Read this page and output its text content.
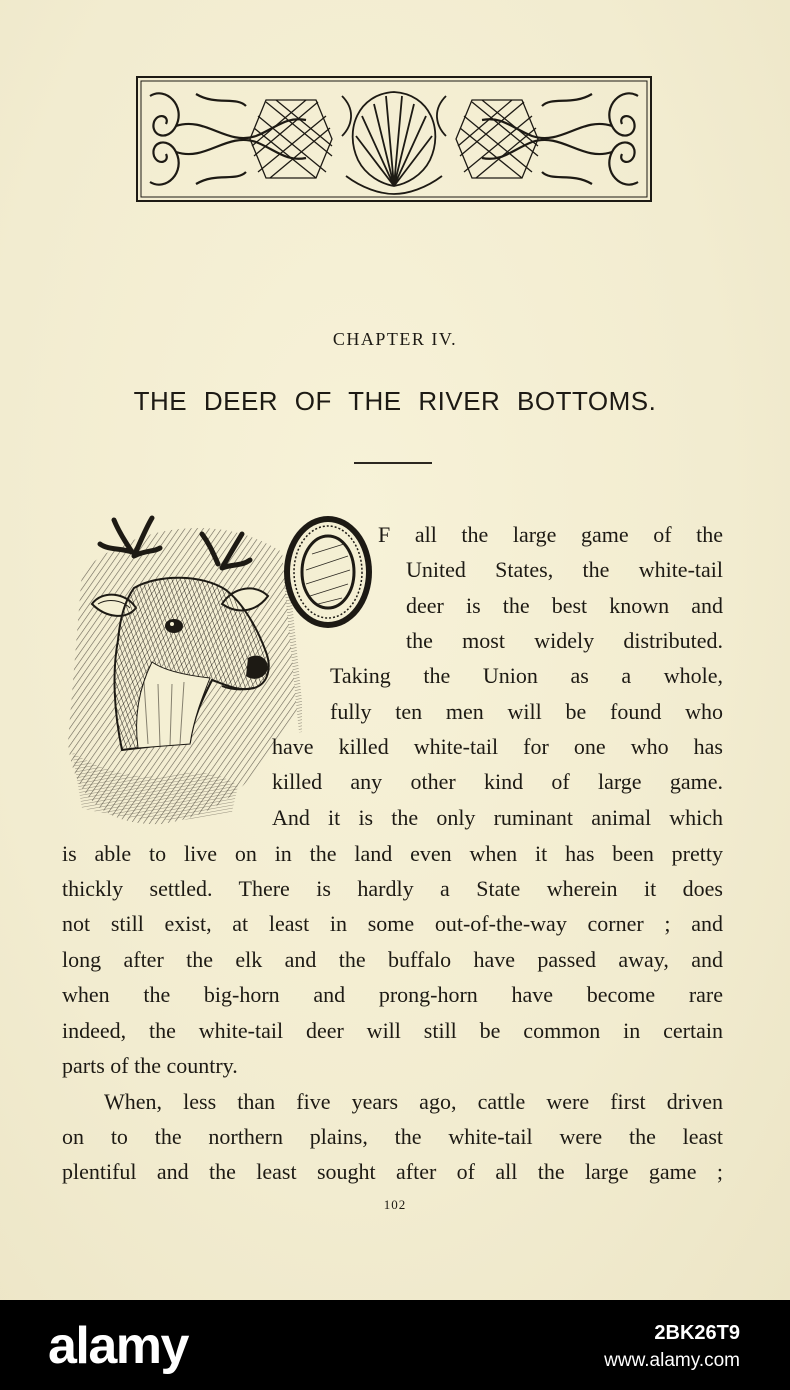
CHAPTER IV.
THE DEER OF THE RIVER BOTTOMS.
F all the large game of the
United States, the white-tail
deer is the best known and
the most widely distributed.
Taking the Union as a whole,
fully ten men will be found who
have killed white-tail for one who has
killed any other kind of large game.
And it is the only ruminant animal which
is able to live on in the land even when it has been pretty
thickly settled. There is hardly a State wherein it does
not still exist, at least in some out-of-the-way corner ; and
long after the elk and the buffalo have passed away, and
when the big-horn and prong-horn have become rare
indeed, the white-tail deer will still be common in certain
parts of the country.
When, less than five years ago, cattle were first driven
on to the northern plains, the white-tail were the least
plentiful and the least sought after of all the large game ;
102
alamy	2BK26T9
www.alamy.com
